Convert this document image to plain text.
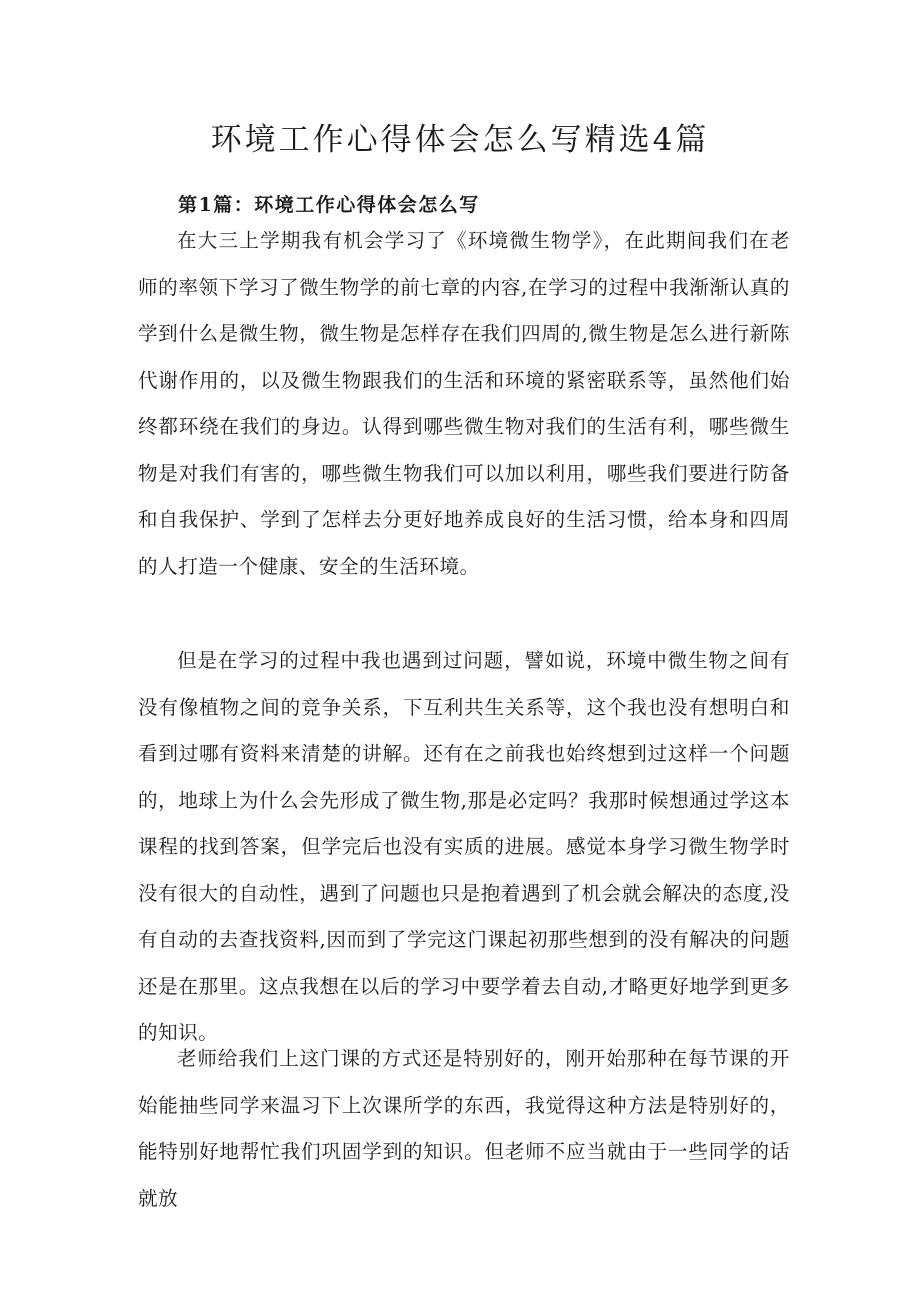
环境工作心得体会怎么写精选4篇
第1篇：环境工作心得体会怎么写

在大三上学期我有机会学习了《环境微生物学》，在此期间我们在老师的率领下学习了微生物学的前七章的内容,在学习的过程中我渐渐认真的学到什么是微生物，微生物是怎样存在我们四周的,微生物是怎么进行新陈代谢作用的，以及微生物跟我们的生活和环境的紧密联系等，虽然他们始终都环绕在我们的身边。认得到哪些微生物对我们的生活有利，哪些微生物是对我们有害的，哪些微生物我们可以加以利用，哪些我们要进行防备和自我保护、学到了怎样去分更好地养成良好的生活习惯，给本身和四周的人打造一个健康、安全的生活环境。

但是在学习的过程中我也遇到过问题，譬如说，环境中微生物之间有没有像植物之间的竞争关系，下互利共生关系等，这个我也没有想明白和看到过哪有资料来清楚的讲解。还有在之前我也始终想到过这样一个问题的，地球上为什么会先形成了微生物,那是必定吗？我那时候想通过学这本课程的找到答案，但学完后也没有实质的进展。感觉本身学习微生物学时没有很大的自动性，遇到了问题也只是抱着遇到了机会就会解决的态度,没有自动的去查找资料,因而到了学完这门课起初那些想到的没有解决的问题还是在那里。这点我想在以后的学习中要学着去自动,才略更好地学到更多的知识。

老师给我们上这门课的方式还是特别好的，刚开始那种在每节课的开始能抽些同学来温习下上次课所学的东西，我觉得这种方法是特别好的，能特别好地帮忙我们巩固学到的知识。但老师不应当就由于一些同学的话就放
